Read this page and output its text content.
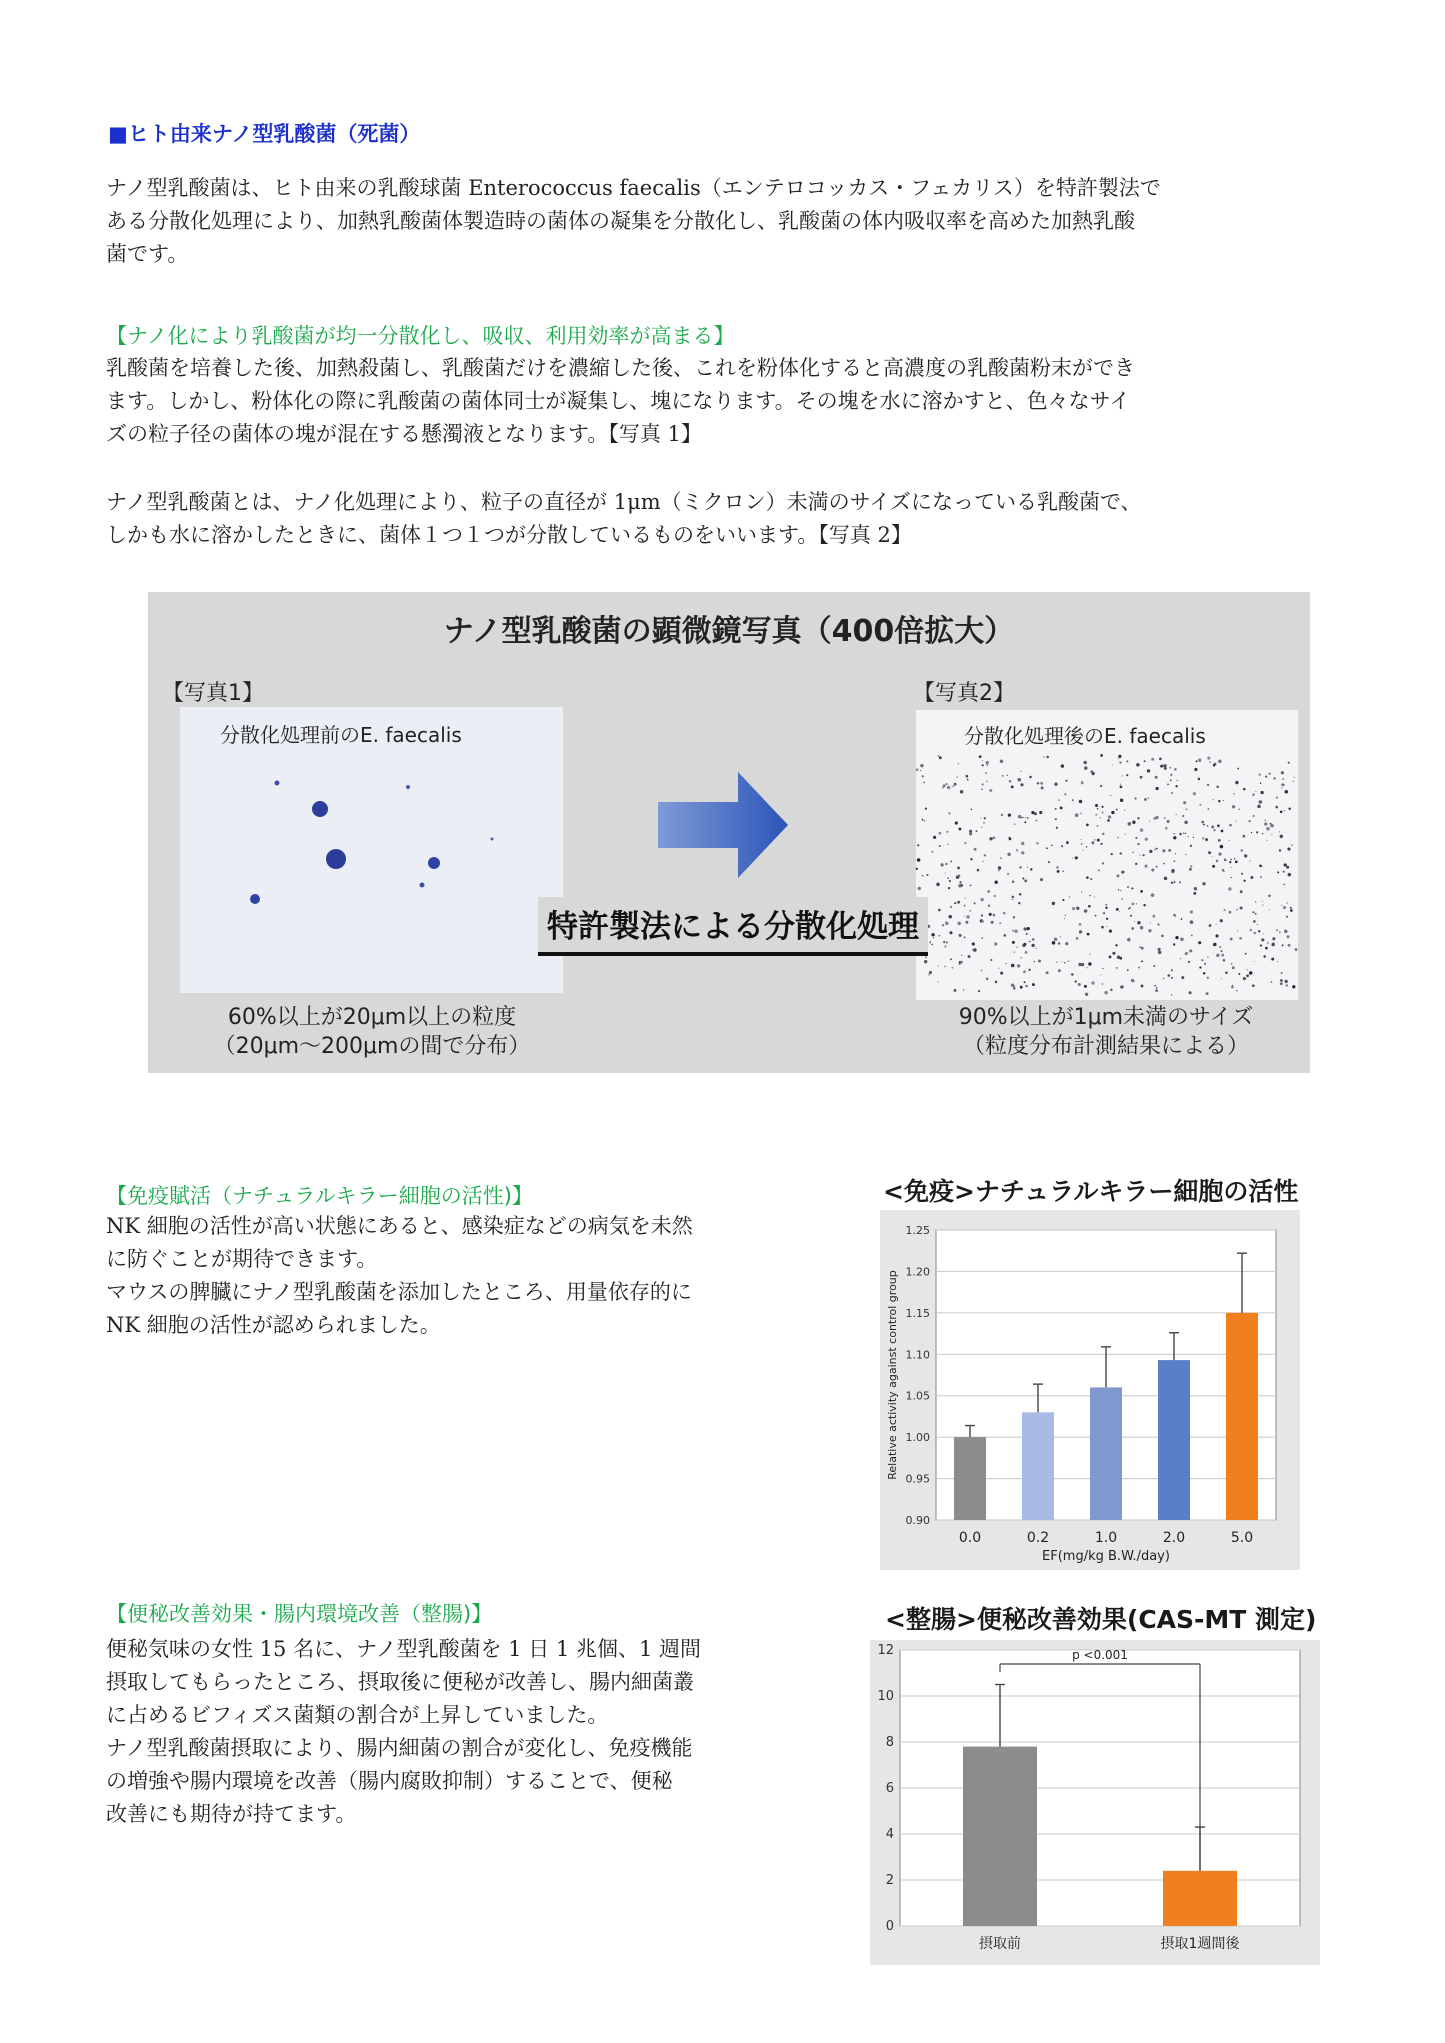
■ヒト由来ナノ型乳酸菌（死菌）
ナノ型乳酸菌は、ヒト由来の乳酸球菌 Enterococcus faecalis（エンテロコッカス・フェカリス）を特許製法で
ある分散化処理により、加熱乳酸菌体製造時の菌体の凝集を分散化し、乳酸菌の体内吸収率を高めた加熱乳酸
菌です。
【ナノ化により乳酸菌が均一分散化し、吸収、利用効率が高まる】
乳酸菌を培養した後、加熱殺菌し、乳酸菌だけを濃縮した後、これを粉体化すると高濃度の乳酸菌粉末ができ
ます。しかし、粉体化の際に乳酸菌の菌体同士が凝集し、塊になります。その塊を水に溶かすと、色々なサイ
ズの粒子径の菌体の塊が混在する懸濁液となります。【写真 1】
ナノ型乳酸菌とは、ナノ化処理により、粒子の直径が 1μm（ミクロン）未満のサイズになっている乳酸菌で、
しかも水に溶かしたときに、菌体１つ１つが分散しているものをいいます。【写真 2】
ナノ型乳酸菌の顕微鏡写真（400倍拡大）
【写真1】	【写真2】
分散化処理前のE. faecalis	分散化処理後のE. faecalis
特許製法による分散化処理
60%以上が20μm以上の粒度
（20μm～200μmの間で分布）
90%以上が1μm未満のサイズ
（粒度分布計測結果による）
【免疫賦活（ナチュラルキラー細胞の活性)】
NK 細胞の活性が高い状態にあると、感染症などの病気を未然
に防ぐことが期待できます。
マウスの脾臓にナノ型乳酸菌を添加したところ、用量依存的に
NK 細胞の活性が認められました。
<免疫>ナチュラルキラー細胞の活性
0.90
0.95
1.00
1.05
1.10
1.15
1.20
1.25
0.0	0.2	1.0	2.0	5.0
EF(mg/kg B.W./day)
Relative activity against control group
【便秘改善効果・腸内環境改善（整腸)】
便秘気味の女性 15 名に、ナノ型乳酸菌を 1 日 1 兆個、1 週間
摂取してもらったところ、摂取後に便秘が改善し、腸内細菌叢
に占めるビフィズス菌類の割合が上昇していました。
ナノ型乳酸菌摂取により、腸内細菌の割合が変化し、免疫機能
の増強や腸内環境を改善（腸内腐敗抑制）することで、便秘
改善にも期待が持てます。
<整腸>便秘改善効果(CAS-MT 測定)
0
2
4
6
8
10
12
摂取前	摂取1週間後
p <0.001
